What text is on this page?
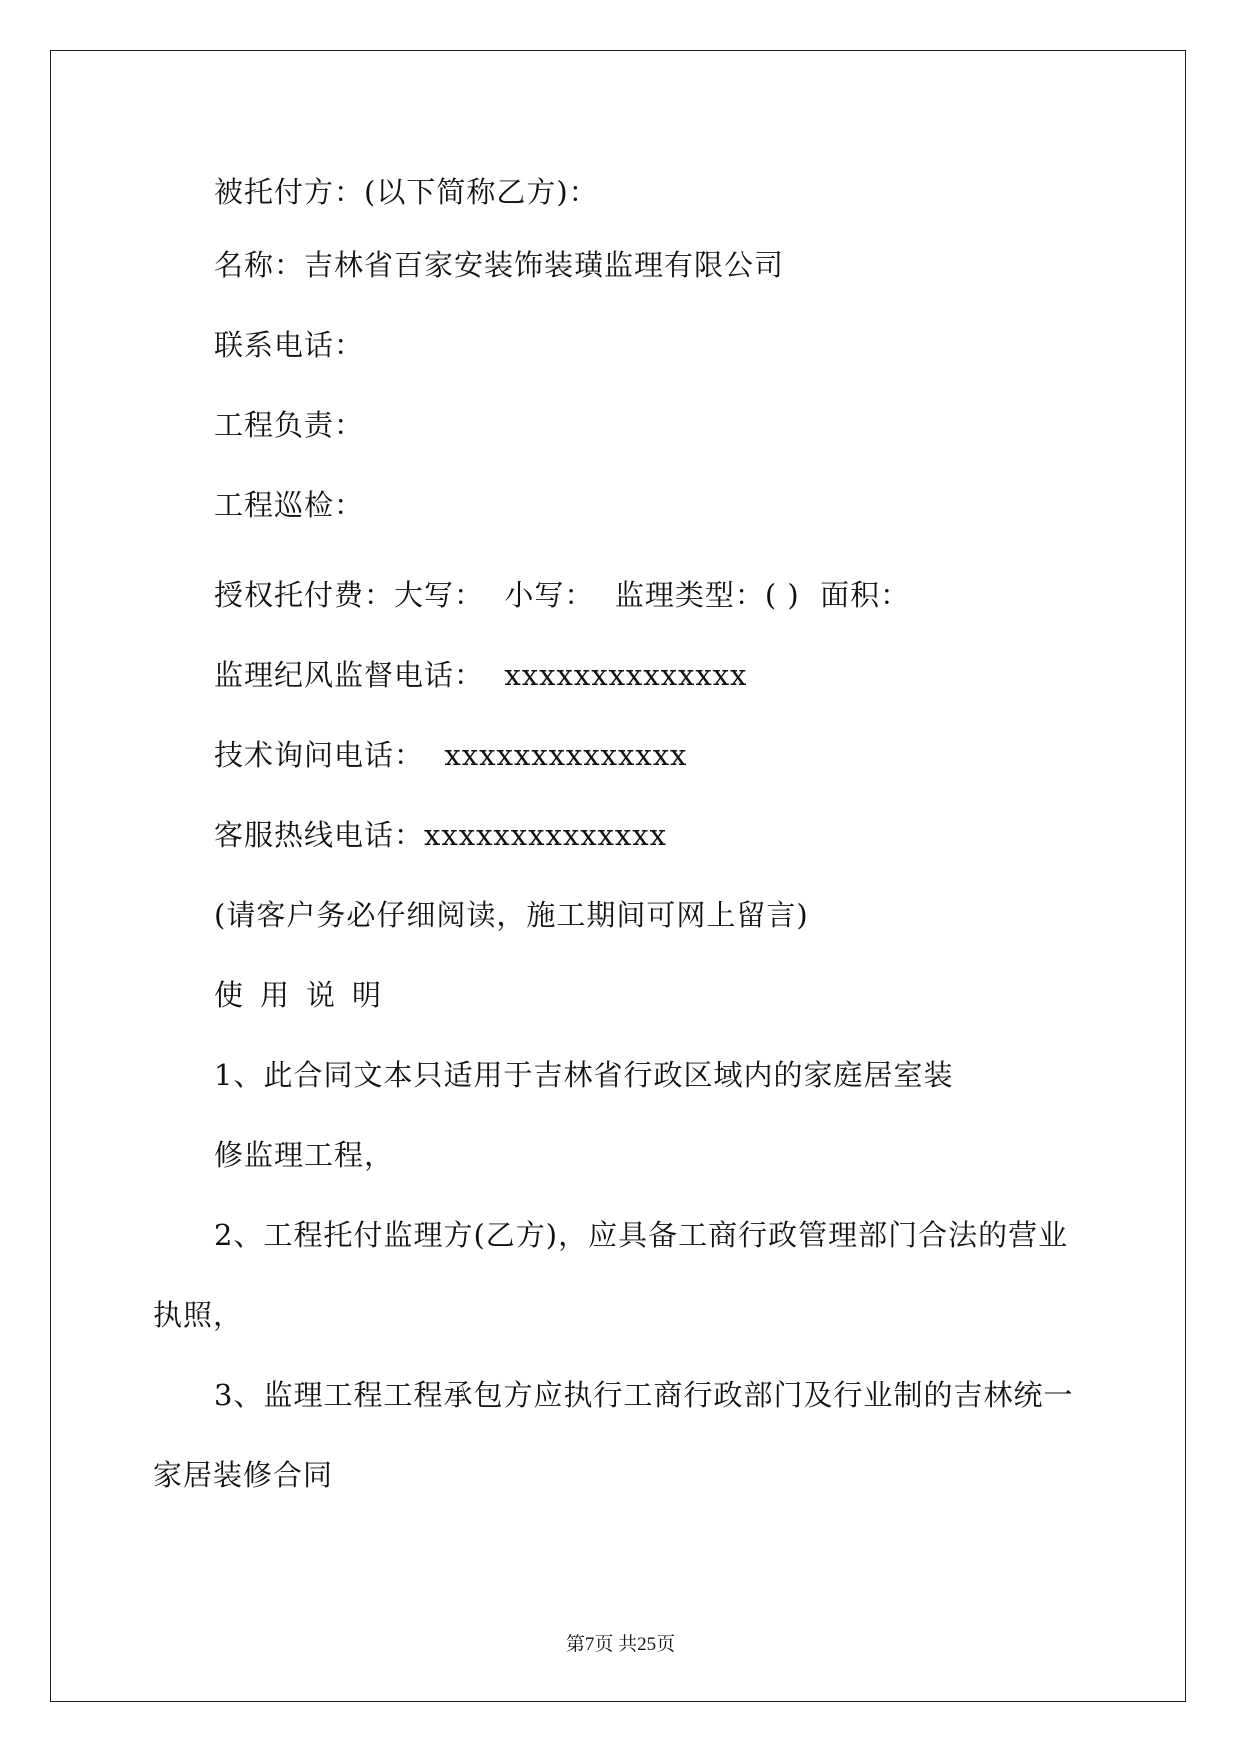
被托付方：(以下简称乙方)：
名称：吉林省百家安装饰装璜监理有限公司
联系电话：
工程负责：
工程巡检：
授权托付费：大写：  小写：  监理类型：( )  面积：
监理纪风监督电话：  xxxxxxxxxxxxxx
技术询问电话：  xxxxxxxxxxxxxx
客服热线电话：xxxxxxxxxxxxxx
(请客户务必仔细阅读，施工期间可网上留言)
使用说明
1、此合同文本只适用于吉林省行政区域内的家庭居室装
修监理工程，
2、工程托付监理方(乙方)，应具备工商行政管理部门合法的营业
执照，
3、监理工程工程承包方应执行工商行政部门及行业制的吉林统一
家居装修合同
第7页 共25页
